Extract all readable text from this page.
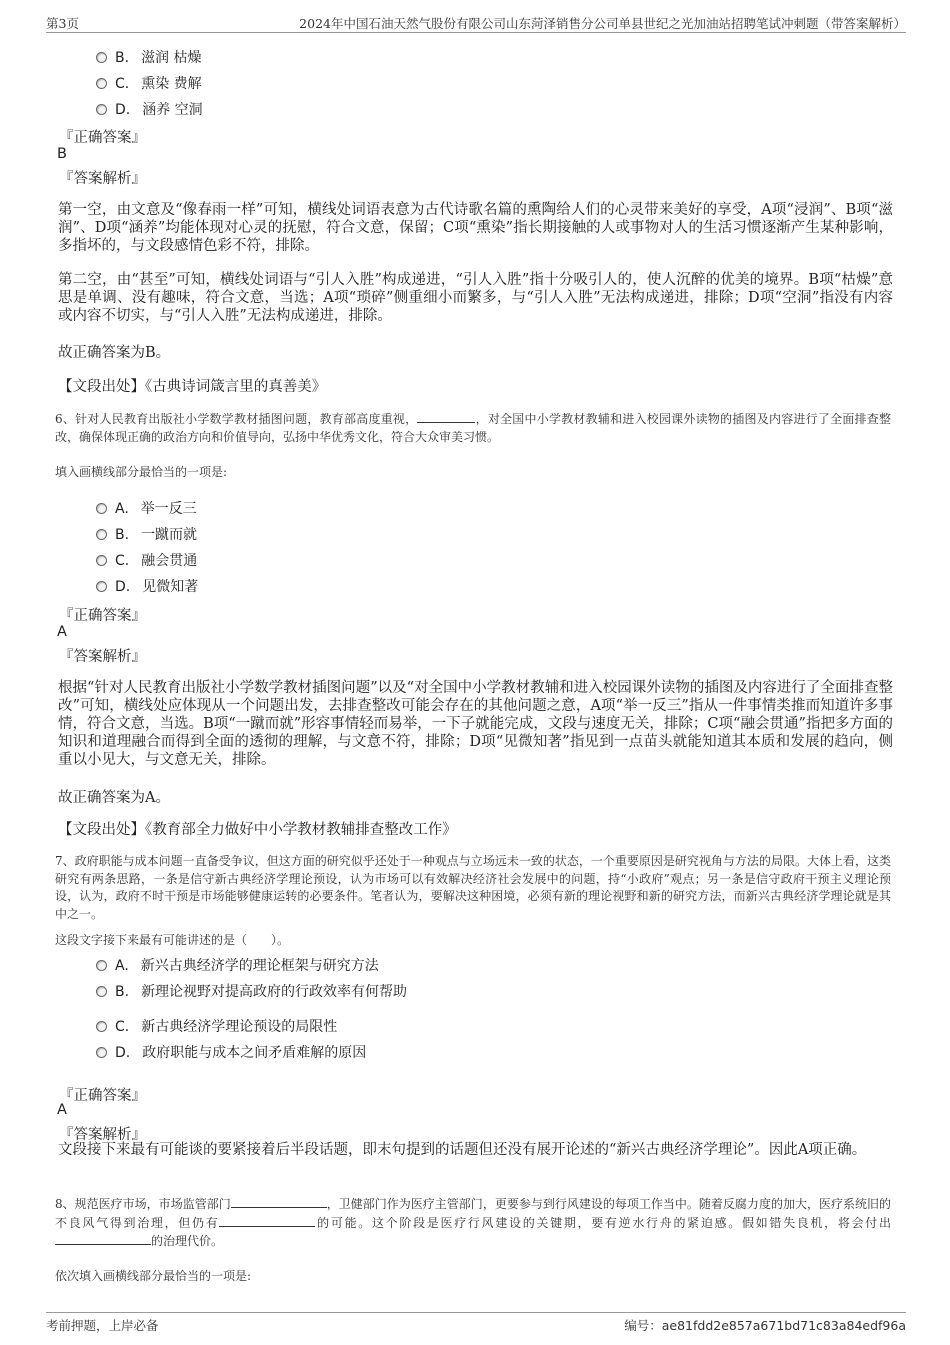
第3页	2024年中国石油天然气股份有限公司山东菏泽销售分公司单县世纪之光加油站招聘笔试冲刺题（带答案解析）
B. 滋润 枯燥
C. 熏染 费解
D. 涵养 空洞
『正确答案』
B
『答案解析』
第一空，由文意及“像春雨一样”可知，横线处词语表意为古代诗歌名篇的熏陶给人们的心灵带来美好的享受，A项“浸润”、B项“滋润”、D项“涵养”均能体现对心灵的抚慰，符合文意，保留；C项“熏染”指长期接触的人或事物对人的生活习惯逐渐产生某种影响，多指坏的，与文段感情色彩不符，排除。
第二空，由“甚至”可知，横线处词语与“引人入胜”构成递进，“引人入胜”指十分吸引人的，使人沉醉的优美的境界。B项“枯燥”意思是单调、没有趣味，符合文意，当选；A项“琐碎”侧重细小而繁多，与“引人入胜”无法构成递进，排除；D项“空洞”指没有内容或内容不切实，与“引人入胜”无法构成递进，排除。
故正确答案为B。
【文段出处】《古典诗词箴言里的真善美》
6、针对人民教育出版社小学数学教材插图问题，教育部高度重视，	，对全国中小学教材教辅和进入校园课外读物的插图及内容进行了全面排查整改，确保体现正确的政治方向和价值导向，弘扬中华优秀文化，符合大众审美习惯。
填入画横线部分最恰当的一项是:
A. 举一反三
B. 一蹴而就
C. 融会贯通
D. 见微知著
『正确答案』
A
『答案解析』
根据“针对人民教育出版社小学数学教材插图问题”以及“对全国中小学教材教辅和进入校园课外读物的插图及内容进行了全面排查整改”可知，横线处应体现从一个问题出发，去排查整改可能会存在的其他问题之意，A项“举一反三”指从一件事情类推而知道许多事情，符合文意，当选。B项“一蹴而就”形容事情轻而易举，一下子就能完成，文段与速度无关，排除；C项“融会贯通”指把多方面的知识和道理融合而得到全面的透彻的理解，与文意不符，排除；D项“见微知著”指见到一点苗头就能知道其本质和发展的趋向，侧重以小见大，与文意无关，排除。
故正确答案为A。
【文段出处】《教育部全力做好中小学教材教辅排查整改工作》
7、政府职能与成本问题一直备受争议，但这方面的研究似乎还处于一种观点与立场远未一致的状态，一个重要原因是研究视角与方法的局限。大体上看，这类研究有两条思路，一条是信守新古典经济学理论预设，认为市场可以有效解决经济社会发展中的问题，持“小政府”观点；另一条是信守政府干预主义理论预设，认为，政府不时干预是市场能够健康运转的必要条件。笔者认为，要解决这种困境，必须有新的理论视野和新的研究方法，而新兴古典经济学理论就是其中之一。
这段文字接下来最有可能讲述的是（　　）。
A. 新兴古典经济学的理论框架与研究方法
B. 新理论视野对提高政府的行政效率有何帮助
C. 新古典经济学理论预设的局限性
D. 政府职能与成本之间矛盾难解的原因
『正确答案』
A
『答案解析』
文段接下来最有可能谈的要紧接着后半段话题，即末句提到的话题但还没有展开论述的“新兴古典经济学理论”。因此A项正确。
8、规范医疗市场，市场监管部门	，卫健部门作为医疗主管部门，更要参与到行风建设的每项工作当中。随着反腐力度的加大，医疗系统旧的不良风气得到治理，但仍有	的可能。这个阶段是医疗行风建设的关键期，要有逆水行舟的紧迫感。假如错失良机，将会付出的治理代价。
依次填入画横线部分最恰当的一项是:
考前押题，上岸必备	编号：ae81fdd2e857a671bd71c83a84edf96a
